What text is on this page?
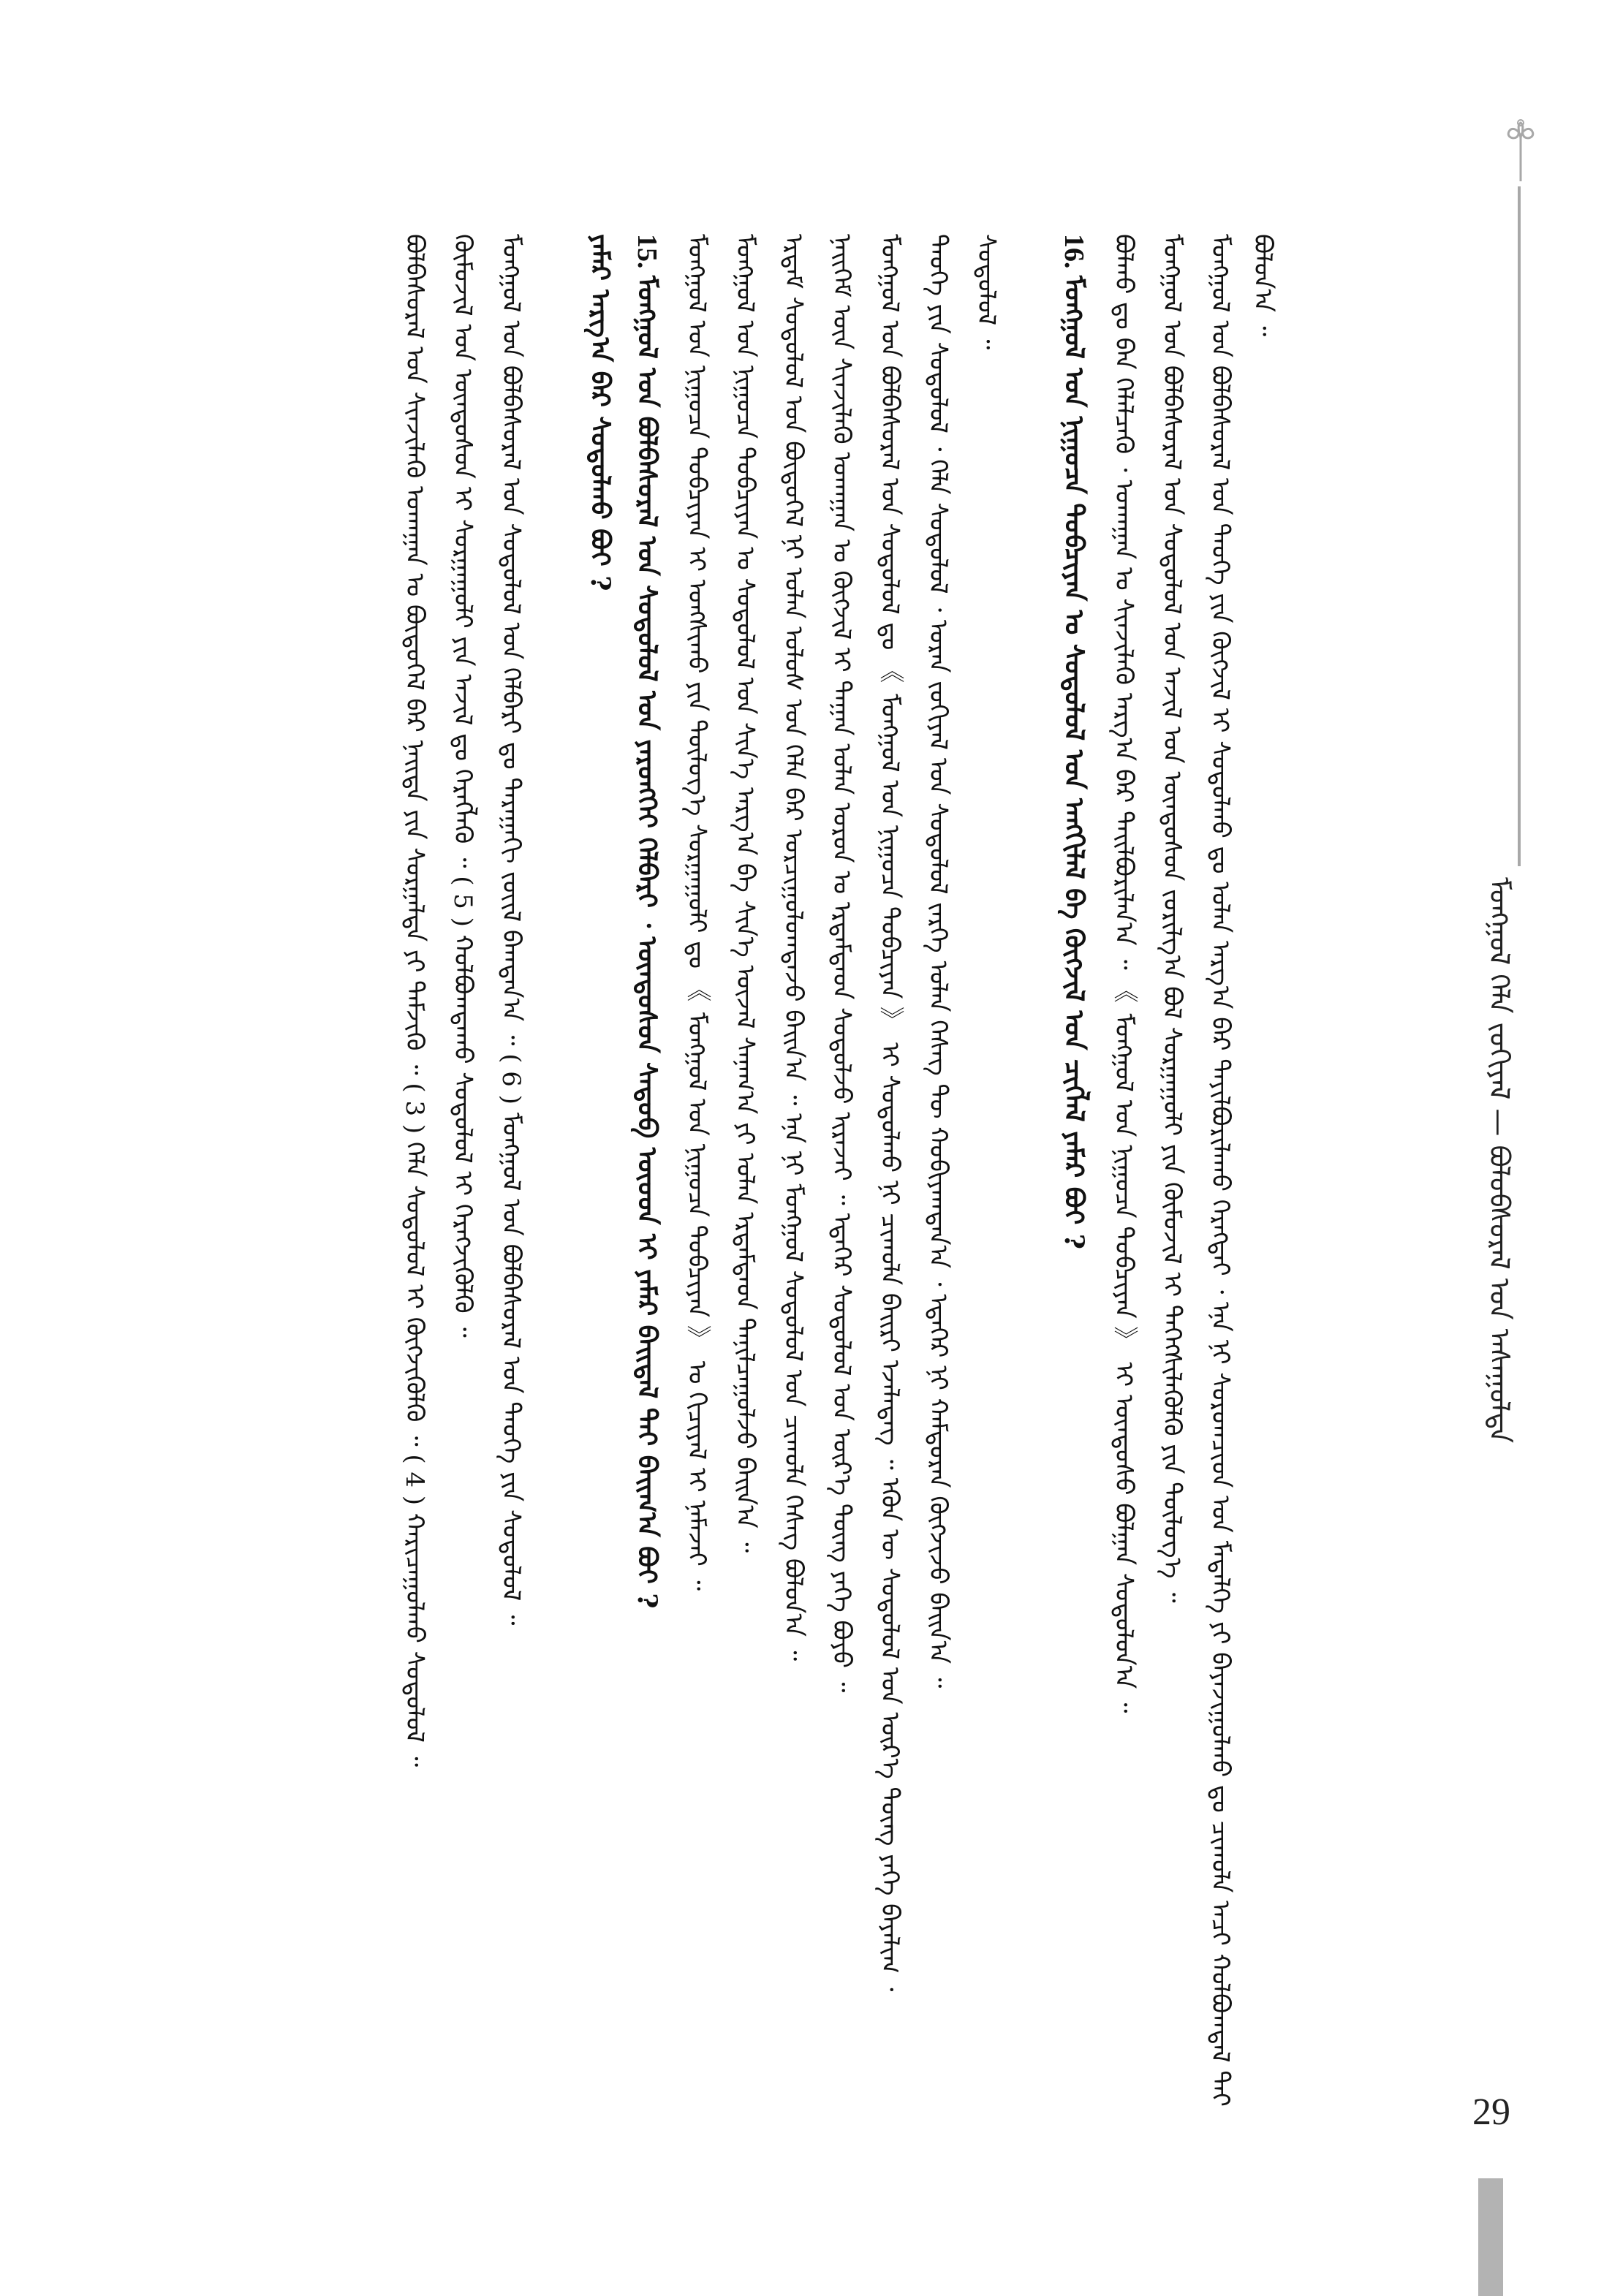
ᠮᠣᠩᠭᠣᠯ ᠬᠡᠯᠡ ᠵᠣᠬᠢᠶᠠᠯ — ᠪᠣᠯᠣᠪᠰᠤᠷᠠᠯ ᠤᠨ ᠠᠰᠠᠭᠤᠯᠲᠠ
ᠮᠣᠩᠭᠣᠯ ᠤᠨ ᠪᠣᠯᠪᠠᠰᠤᠷᠠᠯ ᠤᠨ ᠲᠡᠦᠬᠡ ᠶᠢᠨ ᠬᠥᠭᠵᠢᠯ ᠢ ᠰᠤᠳᠤᠯᠬᠤ ᠳᠤ ᠣᠯᠠᠨ ᠠᠷᠭ᠎ᠠ ᠪᠠᠷ ᠲᠠᠶᠢᠯᠪᠤᠷᠢᠯᠠᠬᠤ ᠬᠡᠷᠡᠭᠲᠡᠢ ᠂ ᠡᠨᠡ ᠨᠢ ᠰᠤᠷᠤᠭᠴᠢᠳ ᠤᠨ ᠮᠡᠳᠡᠯᠭᠡ ᠶᠢ ᠪᠠᠶᠠᠵᠢᠭᠤᠯᠬᠤ ᠳᠤ ᠴᠢᠬᠤᠯᠠ ᠠᠴᠢ ᠬᠣᠯᠪᠣᠭᠳᠠᠯ ᠲᠠᠢ ᠪᠣᠯᠤᠨ᠎ᠠ ᠃
ᠮᠣᠩᠭᠣᠯ ᠤᠨ ᠪᠣᠯᠪᠠᠰᠤᠷᠠᠯ ᠤᠨ ᠰᠤᠳᠤᠯᠤᠯ ᠤᠨ ᠠᠵᠢᠯ ᠤᠨ ᠦᠨᠳᠦᠰᠦᠨ ᠵᠣᠷᠢᠯᠭ᠎ᠠ ᠪᠣᠯ ᠰᠤᠷᠭᠠᠭᠤᠯᠢ ᠶᠢᠨ ᠬᠦᠮᠦᠵᠢᠯ ᠢ ᠳᠡᠭᠡᠭᠰᠢᠯᠡᠭᠦᠯᠬᠦ ᠶᠢᠨ ᠲᠥᠯᠥᠭ᠎ᠡ ᠃
ᠪᠣᠯᠬᠤ ᠳᠤ ᠪᠡᠨ ᠬᠡᠯᠡᠯᠴᠡᠬᠦ ᠂ ᠤᠬᠠᠭᠠᠨ ᠤ ᠰᠢᠨᠵᠢᠯᠡᠬᠦ ᠠᠷᠭ᠎ᠠ ᠪᠠᠷ ᠲᠠᠢᠯᠪᠤᠷᠢᠯᠠᠨ᠎ᠠ ᠃ 《 ᠮᠣᠩᠭᠣᠯ ᠤᠨ ᠨᠢᠭᠤᠴᠠ ᠲᠣᠪᠴᠢᠶᠠᠨ 》 ᠢ ᠦᠨᠳᠦᠰᠦ ᠪᠣᠯᠭᠠᠨ ᠰᠤᠳᠤᠯᠤᠨ᠎ᠠ ᠃
16. ᠮᠣᠩᠭᠣᠯ ᠤᠨ ᠨᠢᠭᠤᠴᠠ ᠲᠣᠪᠴᠢᠶᠠᠨ ᠤ ᠰᠤᠳᠤᠯᠤᠯ ᠤᠨ ᠠᠩᠭᠢᠯᠠᠯ ᠪᠠ ᠬᠥᠭᠵᠢᠯ ᠤᠨ ᠴᠢᠭᠯᠡᠯ ᠶᠠᠮᠠᠷ ᠪᠣᠢ ?
ᠰᠤᠳᠤᠯᠤᠯ ᠃
ᠲᠡᠦᠬᠡ ᠶᠢᠨ ᠰᠤᠳᠤᠯᠤᠯ ᠂ ᠬᠡᠯᠡ ᠰᠤᠳᠤᠯᠤᠯ ᠂ ᠤᠷᠠᠨ ᠵᠣᠬᠢᠶᠠᠯ ᠤᠨ ᠰᠤᠳᠤᠯᠤᠯ ᠵᠡᠷᠭᠡ ᠣᠯᠠᠨ ᠬᠡᠰᠡᠭ ᠲᠦ ᠬᠤᠪᠢᠶᠠᠭᠳᠠᠨ᠎ᠠ ᠂ ᠡᠳᠡᠭᠡᠷ ᠨᠢ ᠬᠠᠮᠲᠤᠷᠠᠨ ᠬᠥᠭᠵᠢᠵᠦ ᠪᠠᠢᠨ᠎ᠠ ᠃
ᠮᠣᠩᠭᠣᠯ ᠤᠨ ᠪᠣᠯᠪᠠᠰᠤᠷᠠᠯ ᠤᠨ ᠰᠤᠳᠤᠯᠤᠯ ᠳᠤ 《 ᠮᠣᠩᠭᠣᠯ ᠤᠨ ᠨᠢᠭᠤᠴᠠ ᠲᠣᠪᠴᠢᠶᠠᠨ 》 ᠢ ᠰᠤᠳᠤᠯᠬᠤ ᠨᠢ ᠴᠢᠬᠤᠯᠠ ᠪᠠᠢᠷᠢ ᠡᠵᠡᠯᠡᠳᠡᠭ ᠃ ᠡᠭᠦᠨ ᠦ ᠰᠤᠳᠤᠯᠤᠯ ᠤᠨ ᠦᠷ᠎ᠡ ᠳᠦᠩ ᠶᠡᠬᠡ ᠪᠠᠶᠠᠯᠢᠭ ᠂
ᠨᠡᠢᠭᠡᠮ ᠦᠨ ᠰᠢᠨᠵᠢᠯᠡᠬᠦ ᠤᠬᠠᠭᠠᠨ ᠤ ᠬᠥᠭᠵᠢᠯ ᠢ ᠳᠠᠭᠠᠨ ᠣᠯᠠᠨ ᠣᠷᠣᠨ ᠤ ᠡᠷᠳᠡᠮᠲᠡᠳ ᠰᠤᠳᠤᠯᠵᠤ ᠢᠷᠡᠵᠡᠢ ᠃ ᠡᠳᠡᠭᠡᠷ ᠰᠤᠳᠤᠯᠤᠯ ᠤᠨ ᠦᠷ᠎ᠡ ᠳᠦᠩ ᠶᠡᠬᠡ ᠪᠤᠶᠤ ᠃
ᠡᠷᠳᠡᠮ ᠰᠤᠳᠤᠯᠤᠯ ᠤᠨ ᠪᠦᠲᠦᠭᠡᠯ ᠨᠢ ᠣᠯᠠᠨ ᠤᠯᠤᠰ ᠤᠨ ᠬᠡᠯᠡ ᠪᠡᠷ ᠣᠷᠴᠢᠭᠤᠯᠤᠭᠳᠠᠵᠤ ᠪᠠᠢᠨ᠎ᠠ ᠃ ᠡᠨᠡ ᠨᠢ ᠮᠣᠩᠭᠣᠯ ᠰᠤᠳᠤᠯᠤᠯ ᠤᠨ ᠴᠢᠬᠤᠯᠠ ᠬᠡᠰᠡᠭ ᠪᠣᠯᠤᠨ᠎ᠠ ᠃
ᠮᠣᠩᠭᠣᠯ ᠤᠨ ᠨᠢᠭᠤᠴᠠ ᠲᠣᠪᠴᠢᠶᠠᠨ ᠤ ᠰᠤᠳᠤᠯᠤᠯ ᠤᠨ ᠰᠢᠨ᠎ᠡ ᠠᠷᠭ᠎ᠠ ᠪᠠ ᠰᠢᠨ᠎ᠡ ᠦᠵᠡᠯ ᠰᠠᠨᠠᠭ᠎ᠠ ᠶᠢ ᠣᠯᠠᠨ ᠡᠷᠳᠡᠮᠲᠡᠳ ᠲᠠᠨᠢᠯᠴᠠᠭᠤᠯᠵᠤ ᠪᠠᠢᠨ᠎ᠠ ᠃
ᠮᠣᠩᠭᠣᠯ ᠤᠨ ᠨᠢᠭᠤᠴᠠ ᠲᠣᠪᠴᠢᠶᠠᠨ ᠢ ᠤᠩᠰᠢᠬᠤ ᠶᠢᠨ ᠲᠥᠯᠥᠭ᠎ᠡ ᠰᠤᠷᠭᠠᠭᠤᠯᠢ ᠳᠤ 《 ᠮᠣᠩᠭᠣᠯ ᠤᠨ ᠨᠢᠭᠤᠴᠠ ᠲᠣᠪᠴᠢᠶᠠᠨ 》 ᠤ ᠬᠢᠴᠢᠶᠡᠯ ᠢ ᠨᠡᠮᠡᠵᠡᠢ ᠃
15. ᠮᠣᠩᠭᠣᠯ ᠤᠨ ᠪᠣᠯᠪᠠᠰᠤᠷᠠᠯ ᠤᠨ ᠰᠤᠳᠤᠯᠤᠯ ᠤᠨ ᠶᠡᠷᠦᠩᠬᠡᠢ ᠬᠡᠯᠪᠡᠷᠢ ᠂ ᠦᠨᠳᠦᠰᠦᠨ ᠰᠡᠳᠦᠪ ᠦᠦᠳ ᠢ ᠶᠠᠮᠠᠷ ᠪᠠᠢᠳᠠᠯ ᠲᠠᠢ ᠪᠠᠢᠭ᠎ᠠ ᠪᠣᠢ ?
ᠶᠠᠮᠠᠷ ᠠᠷᠭ᠎ᠠ ᠪᠠᠷ ᠰᠤᠳᠤᠯᠬᠤ ᠪᠣᠢ ?
ᠮᠣᠩᠭᠣᠯ ᠤᠨ ᠪᠣᠯᠪᠠᠰᠤᠷᠠᠯ ᠤᠨ ᠰᠤᠳᠤᠯᠤᠯ ᠤᠨ ᠬᠡᠯᠪᠡᠷᠢ ᠳᠤ ᠳᠠᠷᠠᠭᠠᠬᠢ ᠵᠦᠢᠯ ᠪᠠᠭᠲᠠᠨ᠎ᠠ ᠃ ( 6 ) ᠮᠣᠩᠭᠣᠯ ᠤᠨ ᠪᠣᠯᠪᠠᠰᠤᠷᠠᠯ ᠤᠨ ᠲᠡᠦᠬᠡ ᠶᠢᠨ ᠰᠤᠳᠤᠯᠤᠯ ᠃
ᠬᠦᠮᠦᠵᠢᠯ ᠤᠨ ᠦᠨᠳᠦᠰᠦᠨ ᠢ ᠰᠤᠷᠭᠠᠭᠤᠯᠢ ᠶᠢᠨ ᠠᠵᠢᠯ ᠳᠤ ᠬᠡᠷᠡᠭᠯᠡᠬᠦ ᠃ ( 5 ) ᠬᠣᠯᠪᠣᠭᠳᠠᠬᠤ ᠰᠤᠳᠤᠯᠤᠯ ᠢ ᠬᠡᠷᠡᠭᠵᠢᠭᠦᠯᠬᠦ ᠃
ᠪᠣᠯᠪᠠᠰᠤᠷᠠᠯ ᠤᠨ ᠰᠢᠨᠵᠢᠯᠡᠬᠦ ᠤᠬᠠᠭᠠᠨ ᠤ ᠪᠦᠲᠦᠭᠡᠯ ᠪᠡᠷ ᠨᠡᠢᠲᠡ ᠶᠢᠨ ᠰᠤᠷᠭᠠᠯᠲᠠ ᠶᠢ ᠳᠡᠮᠵᠢᠬᠦ ᠃ ( 3 ) ᠬᠡᠯᠡ ᠰᠤᠳᠤᠯᠤᠯ ᠢ ᠬᠥᠭᠵᠢᠭᠦᠯᠬᠦ ᠃ ( 4 ) ᠬᠠᠷᠢᠴᠠᠭᠤᠯᠬᠤ ᠰᠤᠳᠤᠯᠤᠯ ᠃
29
